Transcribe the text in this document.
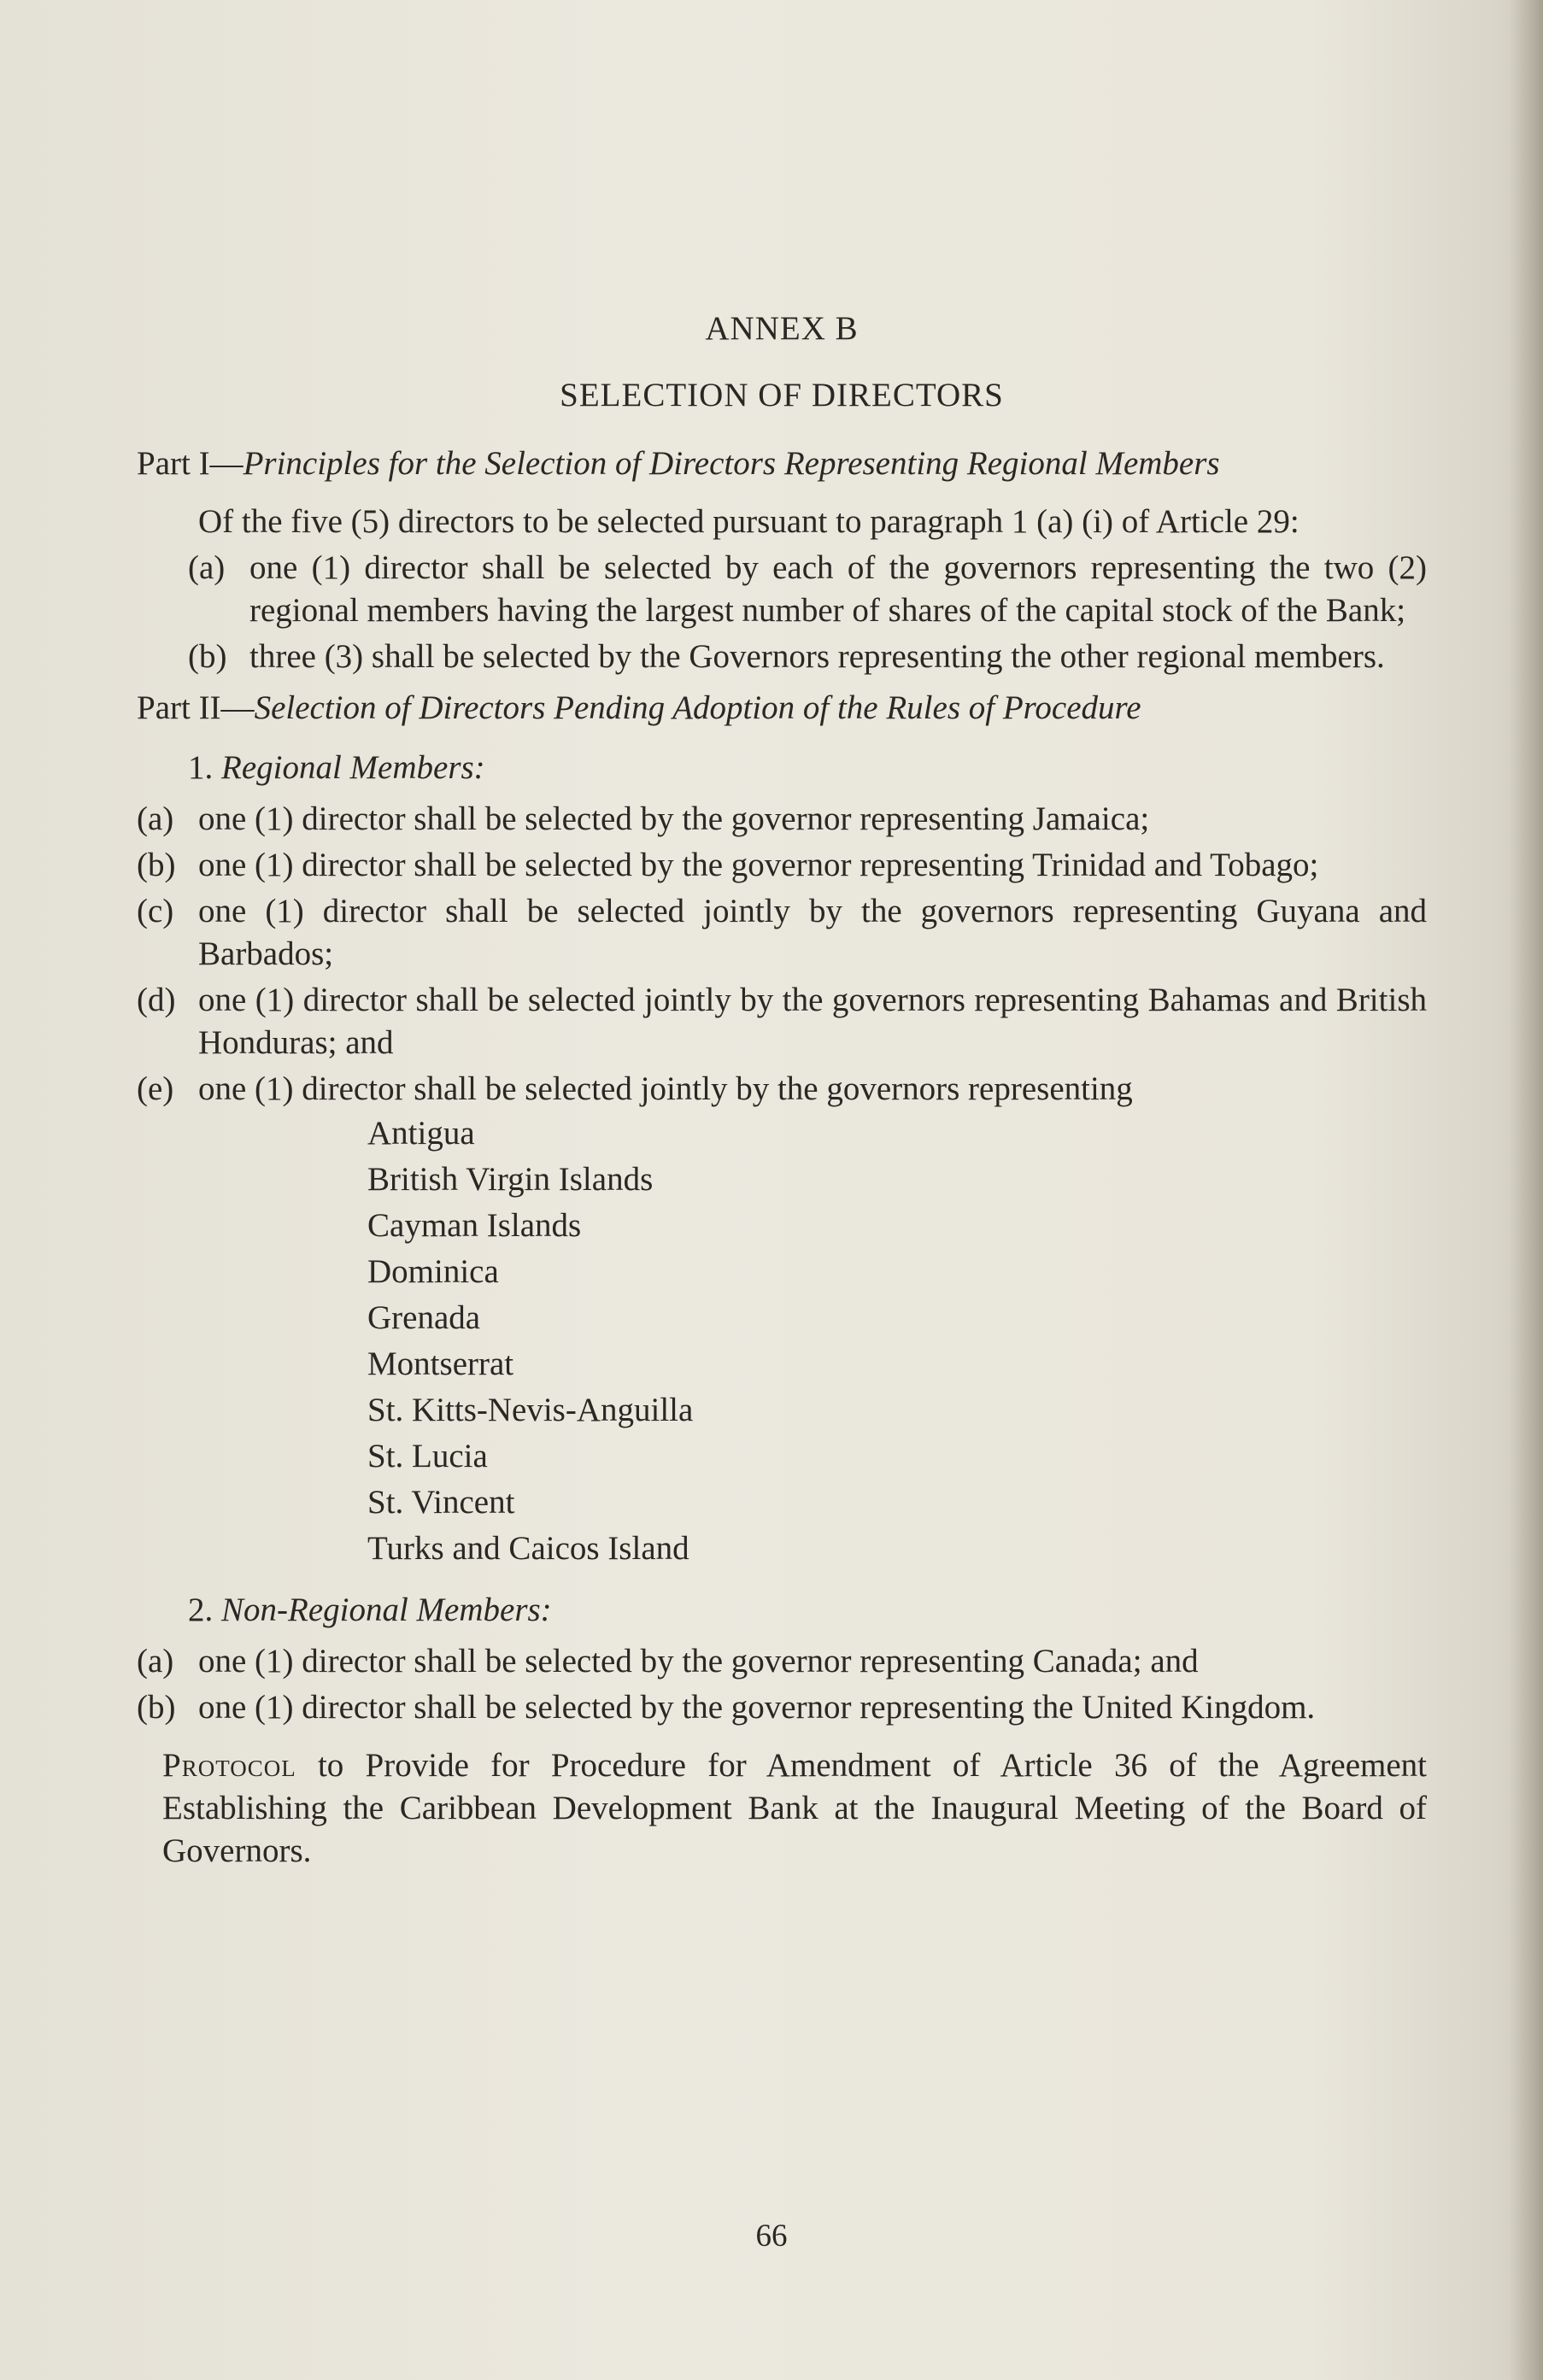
ANNEX B
SELECTION OF DIRECTORS

Part I—Principles for the Selection of Directors Representing Regional Members

Of the five (5) directors to be selected pursuant to paragraph 1 (a) (i) of Article 29:

(a) one (1) director shall be selected by each of the governors representing the two (2) regional members having the largest number of shares of the capital stock of the Bank;
(b) three (3) shall be selected by the Governors representing the other regional members.

Part II—Selection of Directors Pending Adoption of the Rules of Procedure

1. Regional Members:
(a) one (1) director shall be selected by the governor representing Jamaica;
(b) one (1) director shall be selected by the governor representing Trinidad and Tobago;
(c) one (1) director shall be selected jointly by the governors representing Guyana and Barbados;
(d) one (1) director shall be selected jointly by the governors representing Bahamas and British Honduras; and
(e) one (1) director shall be selected jointly by the governors representing
Antigua
British Virgin Islands
Cayman Islands
Dominica
Grenada
Montserrat
St. Kitts-Nevis-Anguilla
St. Lucia
St. Vincent
Turks and Caicos Island
2. Non-Regional Members:
(a) one (1) director shall be selected by the governor representing Canada; and
(b) one (1) director shall be selected by the governor representing the United Kingdom.

Protocol to Provide for Procedure for Amendment of Article 36 of the Agreement Establishing the Caribbean Development Bank at the Inaugural Meeting of the Board of Governors.

66
